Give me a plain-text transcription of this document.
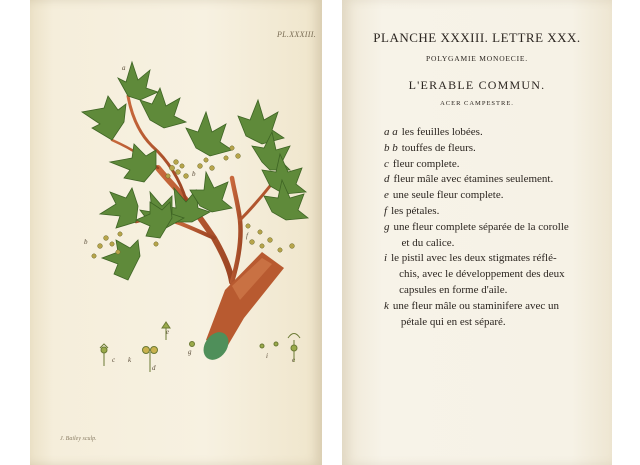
PL.XXXIII.
J. Bailey sculp.
a
b
b
f
c k
d
e
g	i	e
PLANCHE XXXIII. LETTRE XXX.
POLYGAMIE MONOECIE.
L'ERABLE COMMUN.
ACER CAMPESTRE.
a a les feuilles lobées.
b b touffes de fleurs.
c fleur complete.
d fleur mâle avec étamines seulement.
e une seule fleur complete.
f les pétales.
g une fleur complete séparée de la corolle
et du calice.
i le pistil avec les deux stigmates réflé-
chis, avec le développement des deux
capsules en forme d'aile.
k une fleur mâle ou staminifere avec un
pétale qui en est séparé.
